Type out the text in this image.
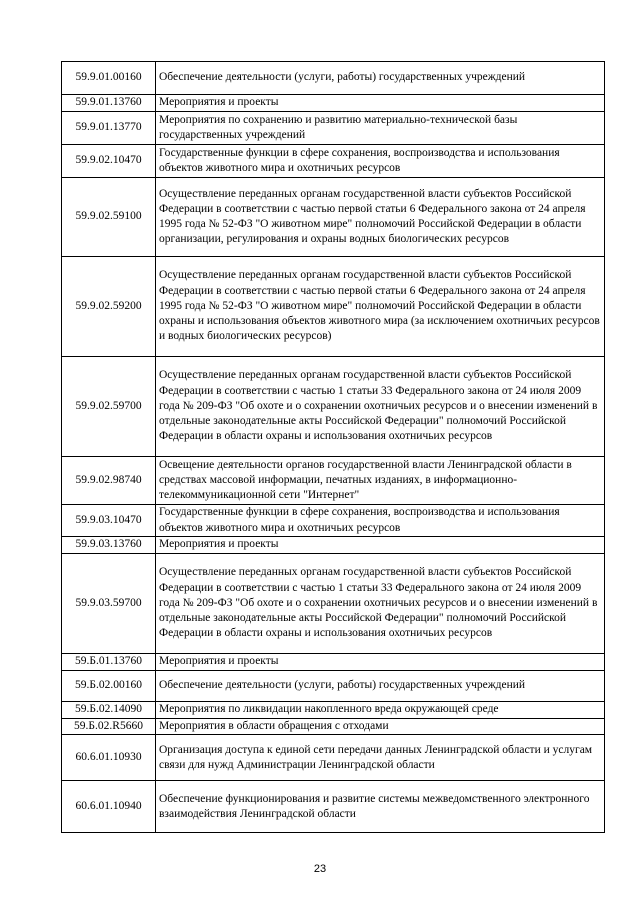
59.9.01.00160	Обеспечение деятельности (услуги, работы) государственных учреждений
59.9.01.13760	Мероприятия и проекты
59.9.01.13770	Мероприятия по сохранению и развитию материально-технической базы государственных учреждений
59.9.02.10470	Государственные функции в сфере сохранения, воспроизводства и использования объектов животного мира и охотничьих ресурсов
59.9.02.59100	Осуществление переданных органам государственной власти субъектов Российской Федерации в соответствии с частью первой статьи 6 Федерального закона от 24 апреля 1995 года № 52-ФЗ "О животном мире" полномочий Российской Федерации в области организации, регулирования и охраны водных биологических ресурсов
59.9.02.59200	Осуществление переданных органам государственной власти субъектов Российской Федерации в соответствии с частью первой статьи 6 Федерального закона от 24 апреля 1995 года № 52-ФЗ "О животном мире" полномочий Российской Федерации в области охраны и использования объектов животного мира (за исключением охотничьих ресурсов и водных биологических ресурсов)
59.9.02.59700	Осуществление переданных органам государственной власти субъектов Российской Федерации в соответствии с частью 1 статьи 33 Федерального закона от 24 июля 2009 года № 209-ФЗ "Об охоте и о сохранении охотничьих ресурсов и о внесении изменений в отдельные законодательные акты Российской Федерации" полномочий Российской Федерации в области охраны и использования охотничьих ресурсов
59.9.02.98740	Освещение деятельности органов государственной власти Ленинградской области в средствах массовой информации, печатных изданиях, в информационно-телекоммуникационной сети "Интернет"
59.9.03.10470	Государственные функции в сфере сохранения, воспроизводства и использования объектов животного мира и охотничьих ресурсов
59.9.03.13760	Мероприятия и проекты
59.9.03.59700	Осуществление переданных органам государственной власти субъектов Российской Федерации в соответствии с частью 1 статьи 33 Федерального закона от 24 июля 2009 года № 209-ФЗ "Об охоте и о сохранении охотничьих ресурсов и о внесении изменений в отдельные законодательные акты Российской Федерации" полномочий Российской Федерации в области охраны и использования охотничьих ресурсов
59.Б.01.13760	Мероприятия и проекты
59.Б.02.00160	Обеспечение деятельности (услуги, работы) государственных учреждений
59.Б.02.14090	Мероприятия по ликвидации накопленного вреда окружающей среде
59.Б.02.R5660	Мероприятия в области обращения с отходами
60.6.01.10930	Организация доступа к единой сети передачи данных Ленинградской области и услугам связи для нужд Администрации Ленинградской области
60.6.01.10940	Обеспечение функционирования и развитие системы межведомственного электронного взаимодействия Ленинградской области
23
